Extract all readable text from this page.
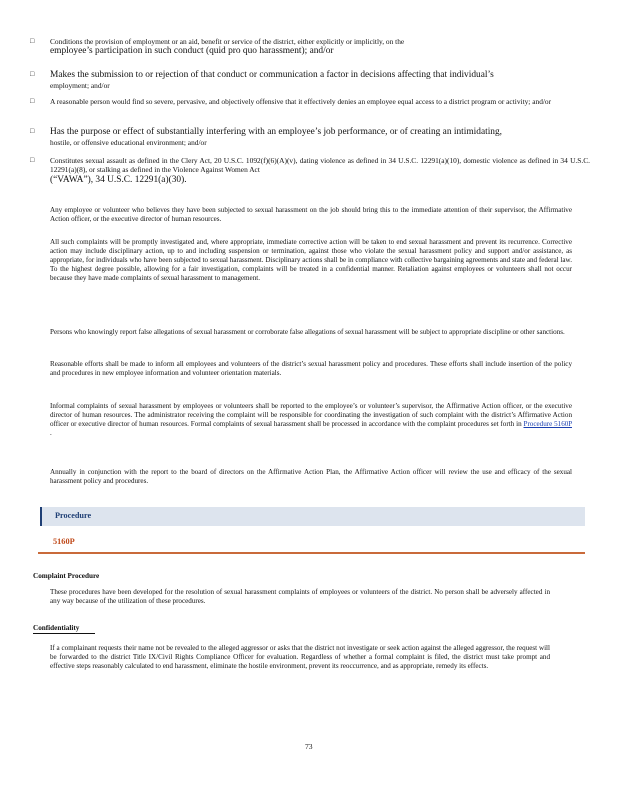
□ Conditions the provision of employment or an aid, benefit or service of the district, either explicitly or implicitly, on the
employee’s participation in such conduct (quid pro quo harassment); and/or
□ Makes the submission to or rejection of that conduct or communication a factor in decisions affecting that individual’s
employment; and/or
□ A reasonable person would find so severe, pervasive, and objectively offensive that it effectively denies an employee equal access to a district program or activity; and/or
□ Has the purpose or effect of substantially interfering with an employee’s job performance, or of creating an intimidating,
hostile, or offensive educational environment; and/or
□ Constitutes sexual assault as defined in the Clery Act, 20 U.S.C. 1092(f)(6)(A)(v), dating violence as defined in 34 U.S.C. 12291(a)(10), domestic violence as defined in 34 U.S.C. 12291(a)(8), or stalking as defined in the Violence Against Women Act
(“VAWA”), 34 U.S.C. 12291(a)(30).
Any employee or volunteer who believes they have been subjected to sexual harassment on the job should bring this to the immediate attention of their supervisor, the Affirmative Action officer, or the executive director of human resources.
All such complaints will be promptly investigated and, where appropriate, immediate corrective action will be taken to end sexual harassment and prevent its recurrence. Corrective action may include disciplinary action, up to and including suspension or termination, against those who violate the sexual harassment policy and support and/or assistance, as appropriate, for individuals who have been subjected to sexual harassment. Disciplinary actions shall be in compliance with collective bargaining agreements and state and federal law. To the highest degree possible, allowing for a fair investigation, complaints will be treated in a confidential manner. Retaliation against employees or volunteers shall not occur because they have made complaints of sexual harassment to management.
Persons who knowingly report false allegations of sexual harassment or corroborate false allegations of sexual harassment will be subject to appropriate discipline or other sanctions.
Reasonable efforts shall be made to inform all employees and volunteers of the district’s sexual harassment policy and procedures. These efforts shall include insertion of the policy and procedures in new employee information and volunteer orientation materials.
Informal complaints of sexual harassment by employees or volunteers shall be reported to the employee’s or volunteer’s supervisor, the Affirmative Action officer, or the executive director of human resources. The administrator receiving the complaint will be responsible for coordinating the investigation of such complaint with the district’s Affirmative Action officer or executive director of human resources. Formal complaints of sexual harassment shall be processed in accordance with the complaint procedures set forth in Procedure 5160P .
Annually in conjunction with the report to the board of directors on the Affirmative Action Plan, the Affirmative Action officer will review the use and efficacy of the sexual harassment policy and procedures.
Procedure
5160P
Complaint Procedure
These procedures have been developed for the resolution of sexual harassment complaints of employees or volunteers of the district. No person shall be adversely affected in any way because of the utilization of these procedures.
Confidentiality
If a complainant requests their name not be revealed to the alleged aggressor or asks that the district not investigate or seek action against the alleged aggressor, the request will be forwarded to the district Title IX/Civil Rights Compliance Officer for evaluation. Regardless of whether a formal complaint is filed, the district must take prompt and effective steps reasonably calculated to end harassment, eliminate the hostile environment, prevent its reoccurrence, and as appropriate, remedy its effects.
73
